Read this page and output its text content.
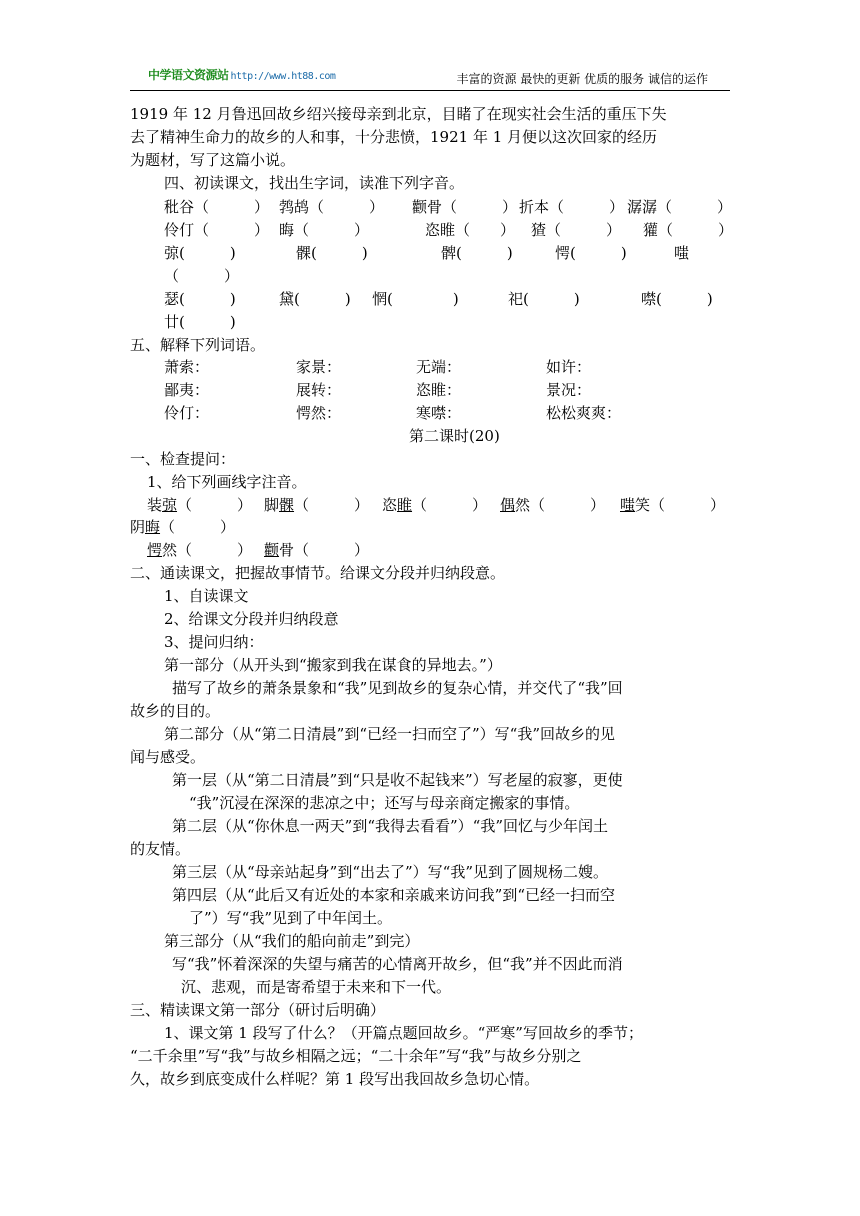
中学语文资源站 http://www.ht88.com	丰富的资源 最快的更新 优质的服务 诚信的运作
1919 年 12 月鲁迅回故乡绍兴接母亲到北京，目睹了在现实社会生活的重压下失
去了精神生命力的故乡的人和事，十分悲愤，1921 年 1 月便以这次回家的经历
为题材，写了这篇小说。
四、初读课文，找出生字词，读准下列字音。
秕谷（　　　） 鹁鸪（　　　） 颧骨（　　　） 折本（　　　） 潺潺（　　　）
伶仃（　　　） 晦（　　　）	恣睢（　　） 猹（　　　） 獾（　　　）
弶(　　　)	髁(　　　)	髀(　　　)	愕(　　　)	嗤
（　　　）
瑟(　　　)	黛(　　　) 惘(　　　　)	祀(　　　)	噤(　　　)
廿(　　　)
五、解释下列词语。
萧索：	家景：	无端：	如许：
鄙夷：	展转：	恣睢：	景况：
伶仃：	愕然：	寒噤：	松松爽爽：
第二课时(20)
一、检查提问：
1、给下列画线字注音。
装弶（　　　） 脚髁（　　　） 恣睢（　　　） 偶然（　　　） 嗤笑（　　　）
阴晦（　　　）
愕然（　　　） 颧骨（　　　）
二、通读课文，把握故事情节。给课文分段并归纳段意。
1、自读课文
2、给课文分段并归纳段意
3、提问归纳：
第一部分（从开头到“搬家到我在谋食的异地去。”）
描写了故乡的萧条景象和“我”见到故乡的复杂心情，并交代了“我”回
故乡的目的。
第二部分（从“第二日清晨”到“已经一扫而空了”）写“我”回故乡的见
闻与感受。
第一层（从“第二日清晨”到“只是收不起钱来”）写老屋的寂寥，更使
“我”沉浸在深深的悲凉之中；还写与母亲商定搬家的事情。
第二层（从“你休息一两天”到“我得去看看”）“我”回忆与少年闰土
的友情。
第三层（从“母亲站起身”到“出去了”）写“我”见到了圆规杨二嫂。
第四层（从“此后又有近处的本家和亲戚来访问我”到“已经一扫而空
了”）写“我”见到了中年闰土。
第三部分（从“我们的船向前走”到完）
写“我”怀着深深的失望与痛苦的心情离开故乡，但“我”并不因此而消
沉、悲观，而是寄希望于未来和下一代。
三、精读课文第一部分（研讨后明确）
1、课文第 1 段写了什么？（开篇点题回故乡。“严寒”写回故乡的季节；
“二千余里”写“我”与故乡相隔之远；“二十余年”写“我”与故乡分别之
久，故乡到底变成什么样呢？第 1 段写出我回故乡急切心情。
